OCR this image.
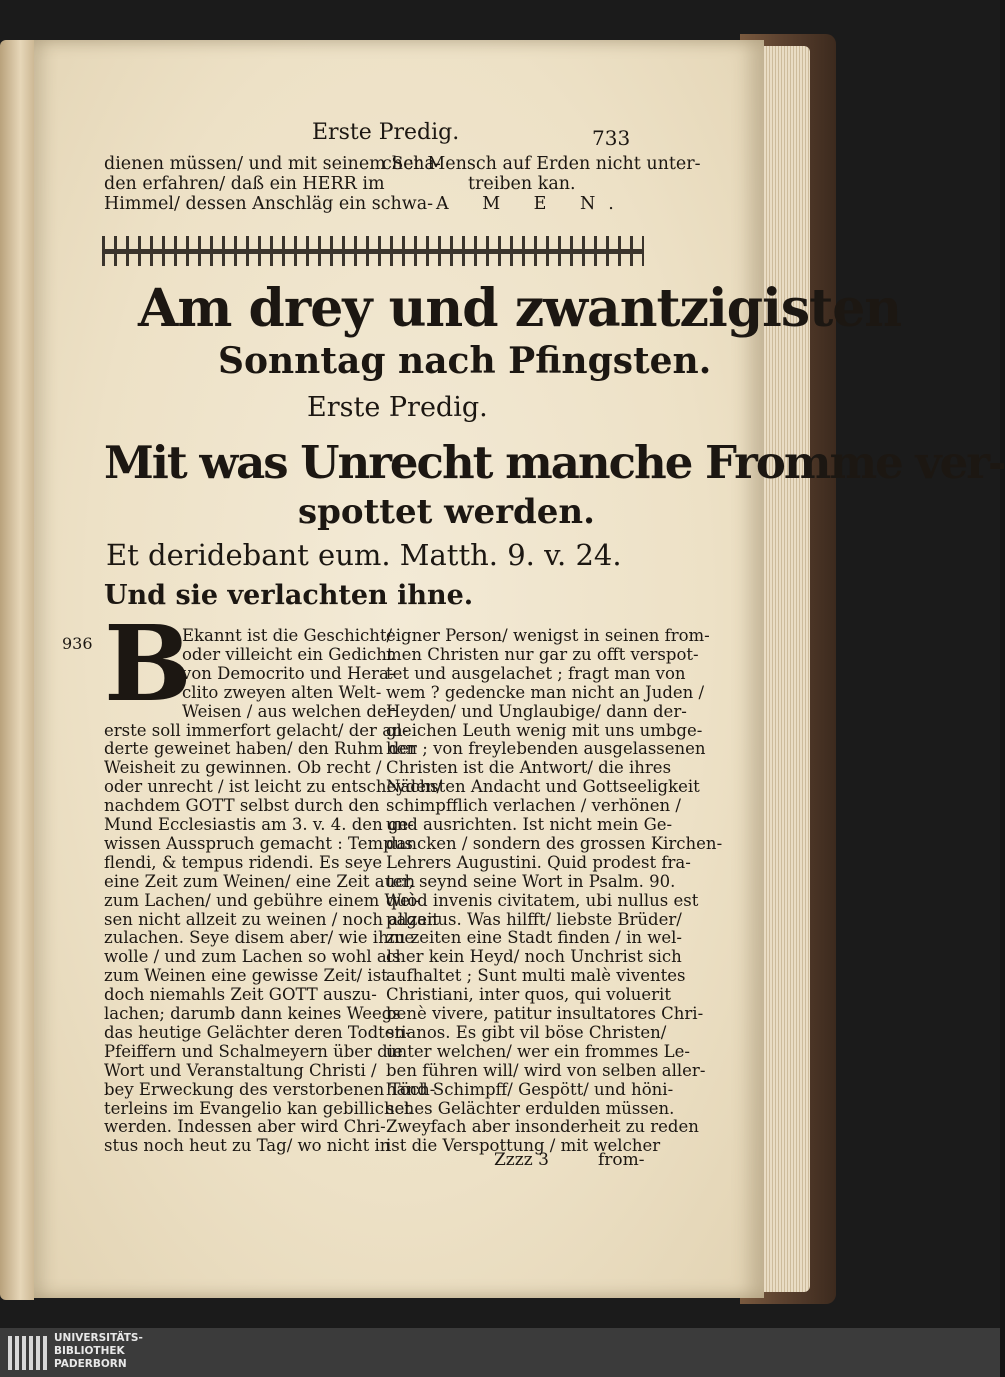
Erste Predig.	733
dienen müssen/ und mit seinem Scha-
den erfahren/ daß ein HERR im
Himmel/ dessen Anschläg ein schwa-
cher Mensch auf Erden nicht unter-
treiben kan.
A M E N.
Am drey und zwantzigisten
Sonntag nach Pfingsten.
Erste Predig.
Mit was Unrecht manche Fromme ver-
spottet werden.
Et deridebant eum. Matth. 9. v. 24.
Und sie verlachten ihne.
936 B
Ekannt ist die Geschicht/
oder villeicht ein Gedicht
von Democrito und Hera-
clito zweyen alten Welt-
Weisen / aus welchen der
erste soll immerfort gelacht/ der an-
derte geweinet haben/ den Ruhm der
Weisheit zu gewinnen. Ob recht /
oder unrecht / ist leicht zu entscheyden/
nachdem GOTT selbst durch den
Mund Ecclesiastis am 3. v. 4. den ge-
wissen Ausspruch gemacht : Tempus
flendi, & tempus ridendi. Es seye
eine Zeit zum Weinen/ eine Zeit auch
zum Lachen/ und gebühre einem Wei-
sen nicht allzeit zu weinen / noch allzeit
zulachen. Seye disem aber/ wie ihme
wolle / und zum Lachen so wohl als
zum Weinen eine gewisse Zeit/ ist
doch niemahls Zeit GOTT auszu-
lachen; darumb dann keines Weegs
das heutige Gelächter deren Todten-
Pfeiffern und Schalmeyern über die
Wort und Veranstaltung Christi /
bey Erweckung des verstorbenen Töch-
terleins im Evangelio kan gebillichet
werden. Indessen aber wird Chri-
stus noch heut zu Tag/ wo nicht in
eigner Person/ wenigst in seinen from-
men Christen nur gar zu offt verspot-
tet und ausgelachet ; fragt man von
wem ? gedencke man nicht an Juden /
Heyden/ und Unglaubige/ dann der-
gleichen Leuth wenig mit uns umbge-
hen ; von freylebenden ausgelassenen
Christen ist die Antwort/ die ihres
Nächsten Andacht und Gottseeligkeit
schimpfflich verlachen / verhönen /
und ausrichten. Ist nicht mein Ge-
dancken / sondern des grossen Kirchen-
Lehrers Augustini. Quid prodest fra-
ter, seynd seine Wort in Psalm. 90.
quòd invenis civitatem, ubi nullus est
paganus. Was hilfft/ liebste Brüder/
zu zeiten eine Stadt finden / in wel-
cher kein Heyd/ noch Unchrist sich
aufhaltet ; Sunt multi malè viventes
Christiani, inter quos, qui voluerit
benè vivere, patitur insultatores Chri-
stianos. Es gibt vil böse Christen/
unter welchen/ wer ein frommes Le-
ben führen will/ wird von selben aller-
hand Schimpff/ Gespött/ und höni-
sches Gelächter erdulden müssen.
Zweyfach aber insonderheit zu reden
ist die Verspottung / mit welcher
Zzzz 3	from-
UNIVERSITÄTS-
BIBLIOTHEK
PADERBORN
